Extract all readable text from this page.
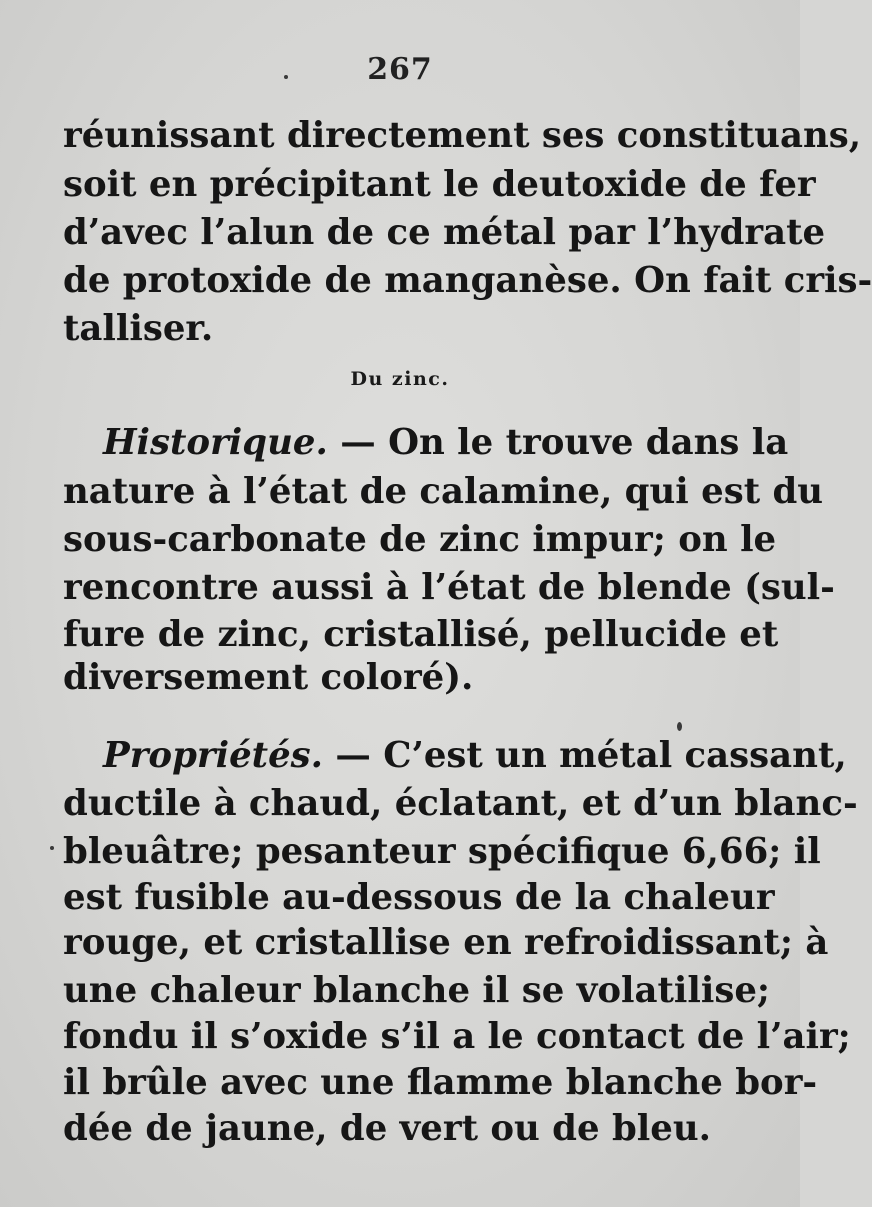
267
réunissant directement ses constituans,
soit en précipitant le deutoxide de fer
d’avec l’alun de ce métal par l’hydrate
de protoxide de manganèse. On fait cris-
talliser.
Du zinc.
Historique. — On le trouve dans la
nature à l’état de calamine, qui est du
sous-carbonate de zinc impur; on le
rencontre aussi à l’état de blende (sul-
fure de zinc, cristallisé, pellucide et
diversement coloré).
Propriétés. — C’est un métal cassant,
ductile à chaud, éclatant, et d’un blanc-
bleuâtre; pesanteur spécifique 6,66; il
est fusible au-dessous de la chaleur
rouge, et cristallise en refroidissant; à
une chaleur blanche il se volatilise;
fondu il s’oxide s’il a le contact de l’air;
il brûle avec une flamme blanche bor-
dée de jaune, de vert ou de bleu.
